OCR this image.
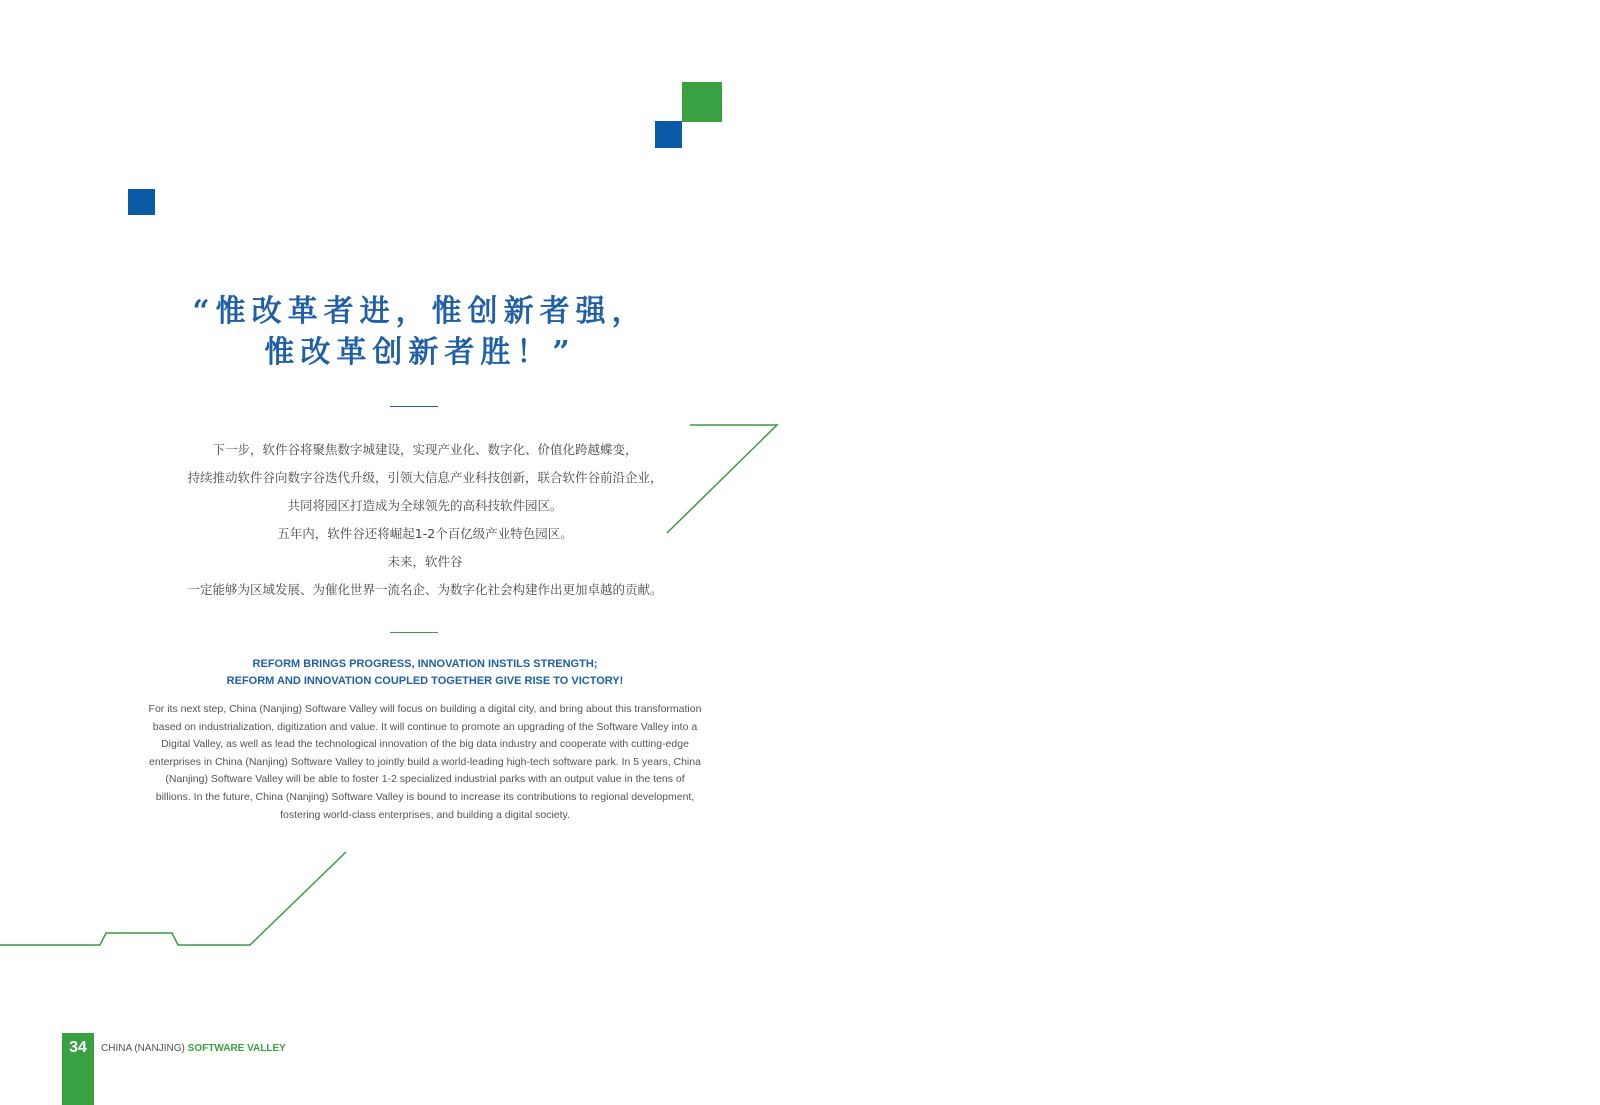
“惟改革者进，惟创新者强，
惟改革创新者胜！”
下一步，软件谷将聚焦数字城建设，实现产业化、数字化、价值化跨越蝶变，
持续推动软件谷向数字谷迭代升级，引领大信息产业科技创新，联合软件谷前沿企业，
共同将园区打造成为全球领先的高科技软件园区。
五年内，软件谷还将崛起1-2个百亿级产业特色园区。
未来，软件谷
一定能够为区域发展、为催化世界一流名企、为数字化社会构建作出更加卓越的贡献。
REFORM BRINGS PROGRESS, INNOVATION INSTILS STRENGTH;
REFORM AND INNOVATION COUPLED TOGETHER GIVE RISE TO VICTORY!

For its next step, China (Nanjing) Software Valley will focus on building a digital city, and bring about this transformation
based on industrialization, digitization and value. It will continue to promote an upgrading of the Software Valley into a
Digital Valley, as well as lead the technological innovation of the big data industry and cooperate with cutting-edge
enterprises in China (Nanjing) Software Valley to jointly build a world-leading high-tech software park. In 5 years, China
(Nanjing) Software Valley will be able to foster 1-2 specialized industrial parks with an output value in the tens of
billions. In the future, China (Nanjing) Software Valley is bound to increase its contributions to regional development,
fostering world-class enterprises, and building a digital society.

34	CHINA (NANJING) SOFTWARE VALLEY
